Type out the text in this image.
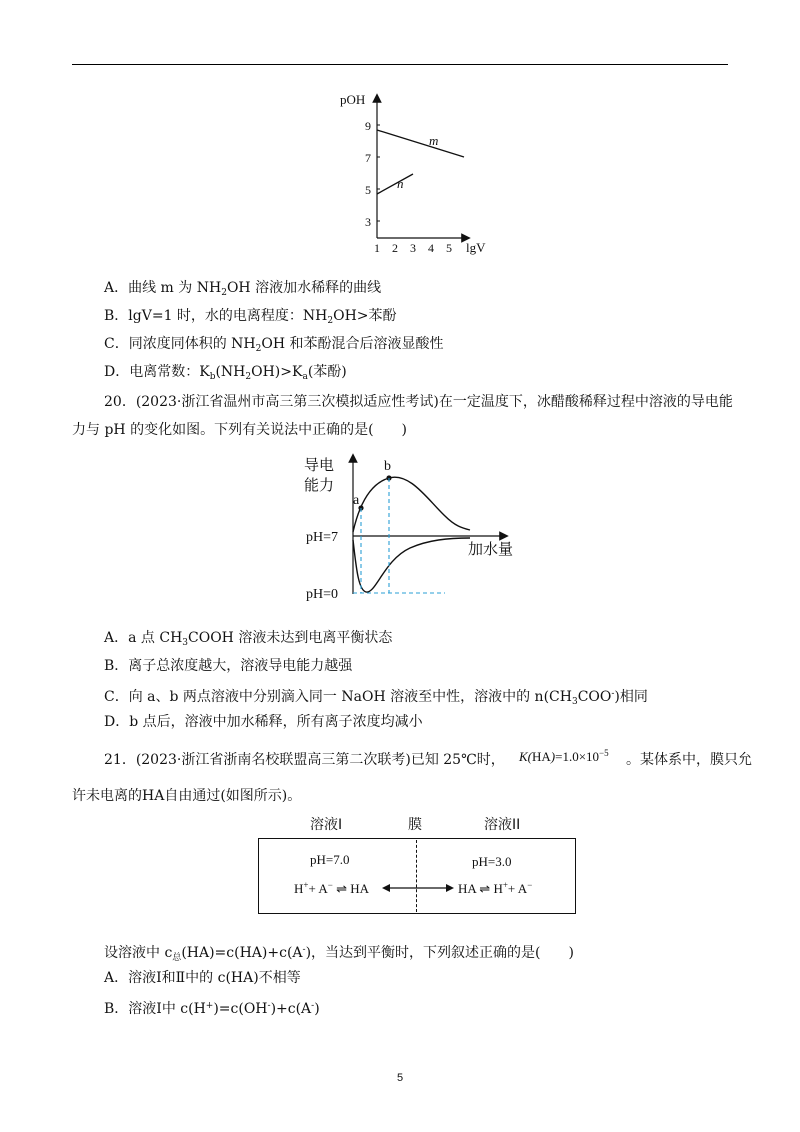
pOH
9
7
5
3
1 2 3 4 5 lgV
m
n
A．曲线 m 为 $NH_2OH$ 溶液加水稀释的曲线
B．lgV=1 时，水的电离程度：$NH_2OH>$苯酚
C．同浓度同体积的 $NH_2OH$ 和苯酚混合后溶液显酸性
D．电离常数：$K_b(NH_2OH)>K_a$(苯酚)
20．(2023·浙江省温州市高三第三次模拟适应性考试)在一定温度下，冰醋酸稀释过程中溶液的导电能
力与 pH 的变化如图。下列有关说法中正确的是(　　)
导电
能力
pH=7
pH=0
加水量
a
b
A．a 点 $CH_3COOH$ 溶液未达到电离平衡状态
B．离子总浓度越大，溶液导电能力越强
C．向 a、b 两点溶液中分别滴入同一 NaOH 溶液至中性，溶液中的 $n(CH_3COO^-)$相同
D．b 点后，溶液中加水稀释，所有离子浓度均减小
21．(2023·浙江省浙南名校联盟高三第二次联考)已知 25℃时， $K(HA)=1.0\times 10^{-5}$ 。某体系中，膜只允
许未电离的HA自由通过(如图所示)。
溶液I	膜	溶液II
pH=7.0	pH=3.0
H++ A− ⇌ HA	HA ⇌ H++ A−
设溶液中 $c_总(HA)=c(HA)+c(A^-)$，当达到平衡时，下列叙述正确的是(　　)
A．溶液Ⅰ和Ⅱ中的 c(HA)不相等
B．溶液Ⅰ中 c(H+)=c(OH-)+c(A-)
5
